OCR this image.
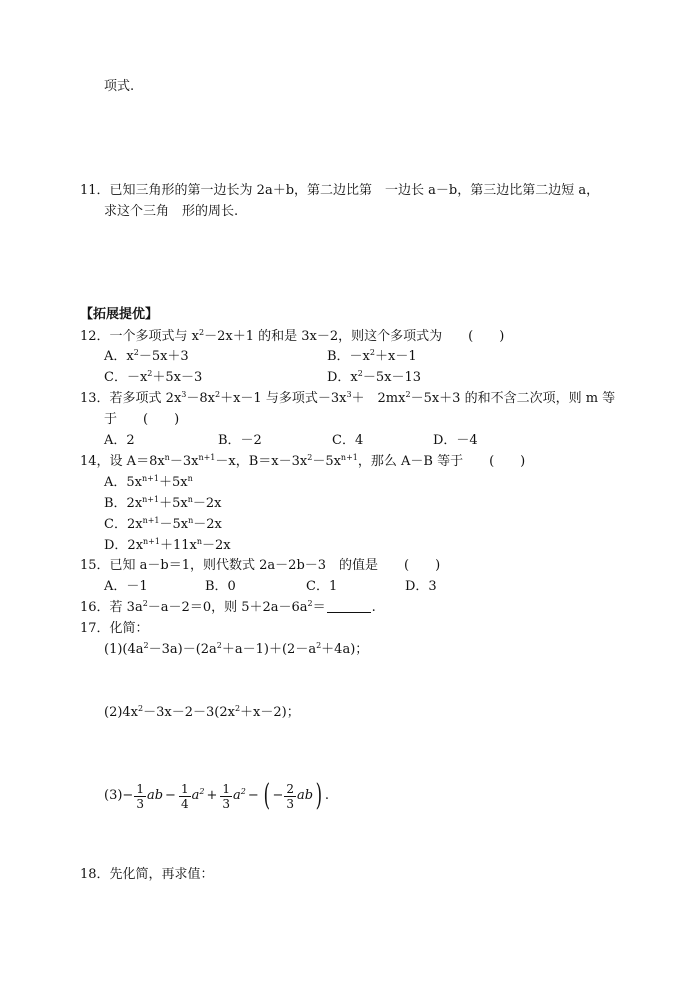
项式.
11．已知三角形的第一边长为 2a＋b，第二边比第　一边长 a－b，第三边比第二边短 a，
求这个三角　形的周长.
【拓展提优】
12．一个多项式与 $x^2-2x+1$ 的和是 3x－2，则这个多项式为　　(　　)
A．$x^2-5x+3$	B．$-x^2+x-1$
C．$-x^2+5x-3$	D．$x^2-5x-13$
13．若多项式 $2x^3-8x^2+x-1$ 与多项式$-3x^3+$　$2mx^2-5x+3$ 的和不含二次项，则 m 等
于　　(　　)
A．2	B．－2	C．4	D．－4
14，设 $A=8x^n-3x^{n+1}-x$，$B=x-3x^2-5x^{n+1}$，那么 A－B 等于　　(　　)
A．$5x^{n+1}+5x^n$
B．$2x^{n+1}+5x^n-2x$
C．$2x^{n+1}-5x^n-2x$
D．$2x^{n+1}+11x^n-2x$
15．已知 a－b＝1，则代数式 2a－2b－3　的值是　　(　　)
A．－1	B．0	C．1	D．3
16．若 $3a^2-a-2=0$，则 $5+2a-6a^2=$	.
17．化简：
$(1)(4a^2-3a)-(2a^2+a-1)+(2-a^2+4a)$；
$(2)4x^2-3x-2-3(2x^2+x-2)$；
$(3) - \frac{1}{3}$ ab − $\frac{1}{4} a^2 + \frac{1}{3} a^2$ − ( − $\frac{2}{3}$ ab ) .
18．先化简，再求值：
